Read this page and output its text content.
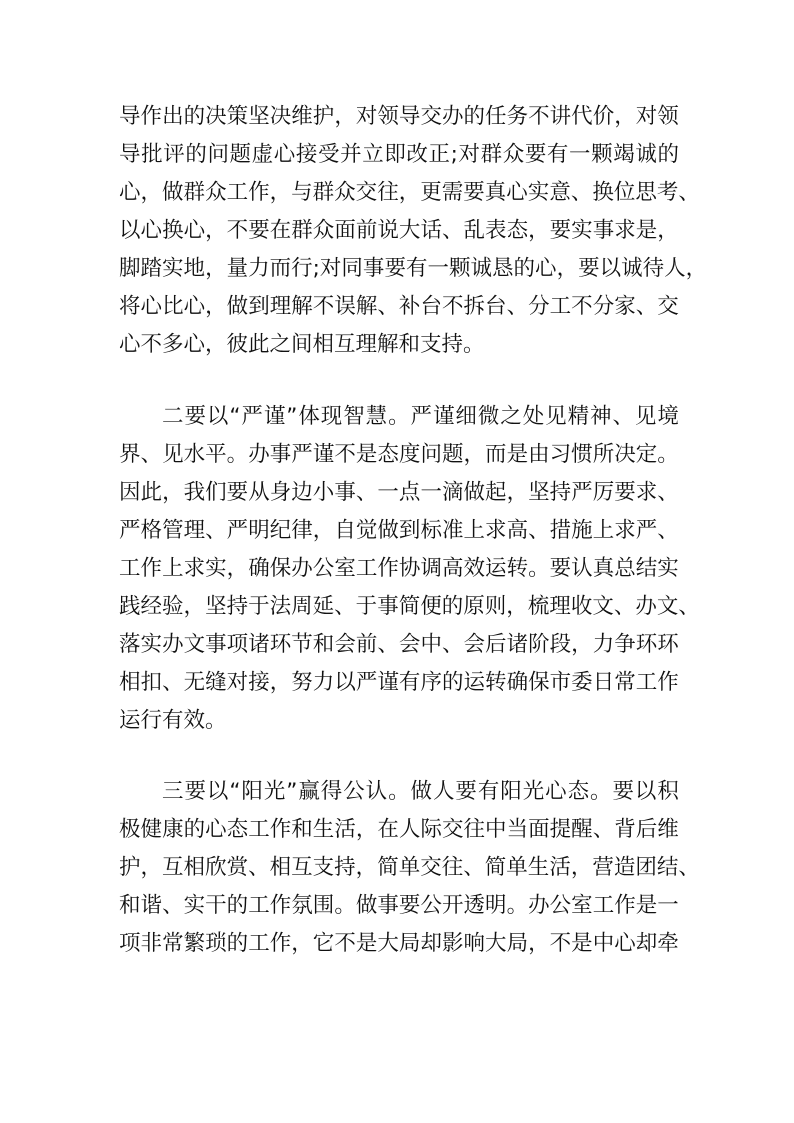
导 作 出 的 决 策 坚 决 维 护 ， 对 领 导 交 办 的 任 务 不 讲 代 价 ， 对 领
导 批 评 的 问 题 虚 心 接 受 并 立 即 改 正 ; 对 群 众 要 有 一 颗 竭 诚 的
心 ， 做 群 众 工 作 ， 与 群 众 交 往 ， 更 需 要 真 心 实 意 、 换 位 思 考 、
以 心 换 心 ， 不 要 在 群 众 面 前 说 大 话 、 乱 表 态 ， 要 实 事 求 是 ，
脚 踏 实 地 ， 量 力 而 行 ; 对 同 事 要 有 一 颗 诚 恳 的 心 ， 要 以 诚 待 人 ，
将 心 比 心 ， 做 到 理 解 不 误 解 、 补 台 不 拆 台 、 分 工 不 分 家 、 交
心不多心，彼此之间相互理解和支持。
二 要 以 “ 严 谨 ” 体 现 智 慧 。 严 谨 细 微 之 处 见 精 神 、 见 境
界 、 见 水 平 。 办 事 严 谨 不 是 态 度 问 题 ， 而 是 由 习 惯 所 决 定 。
因 此 ， 我 们 要 从 身 边 小 事 、 一 点 一 滴 做 起 ， 坚 持 严 厉 要 求 、
严 格 管 理 、 严 明 纪 律 ， 自 觉 做 到 标 准 上 求 高 、 措 施 上 求 严 、
工 作 上 求 实 ， 确 保 办 公 室 工 作 协 调 高 效 运 转 。 要 认 真 总 结 实
践 经 验 ， 坚 持 于 法 周 延 、 于 事 简 便 的 原 则 ， 梳 理 收 文 、 办 文 、
落 实 办 文 事 项 诸 环 节 和 会 前 、 会 中 、 会 后 诸 阶 段 ， 力 争 环 环
相 扣 、 无 缝 对 接 ， 努 力 以 严 谨 有 序 的 运 转 确 保 市 委 日 常 工 作
运行有效。
三 要 以 “ 阳 光 ” 赢 得 公 认 。 做 人 要 有 阳 光 心 态 。 要 以 积
极 健 康 的 心 态 工 作 和 生 活 ， 在 人 际 交 往 中 当 面 提 醒 、 背 后 维
护 ， 互 相 欣 赏 、 相 互 支 持 ， 简 单 交 往 、 简 单 生 活 ， 营 造 团 结 、
和 谐 、 实 干 的 工 作 氛 围 。 做 事 要 公 开 透 明 。 办 公 室 工 作 是 一
项 非 常 繁 琐 的 工 作 ， 它 不 是 大 局 却 影 响 大 局 ， 不 是 中 心 却 牵
